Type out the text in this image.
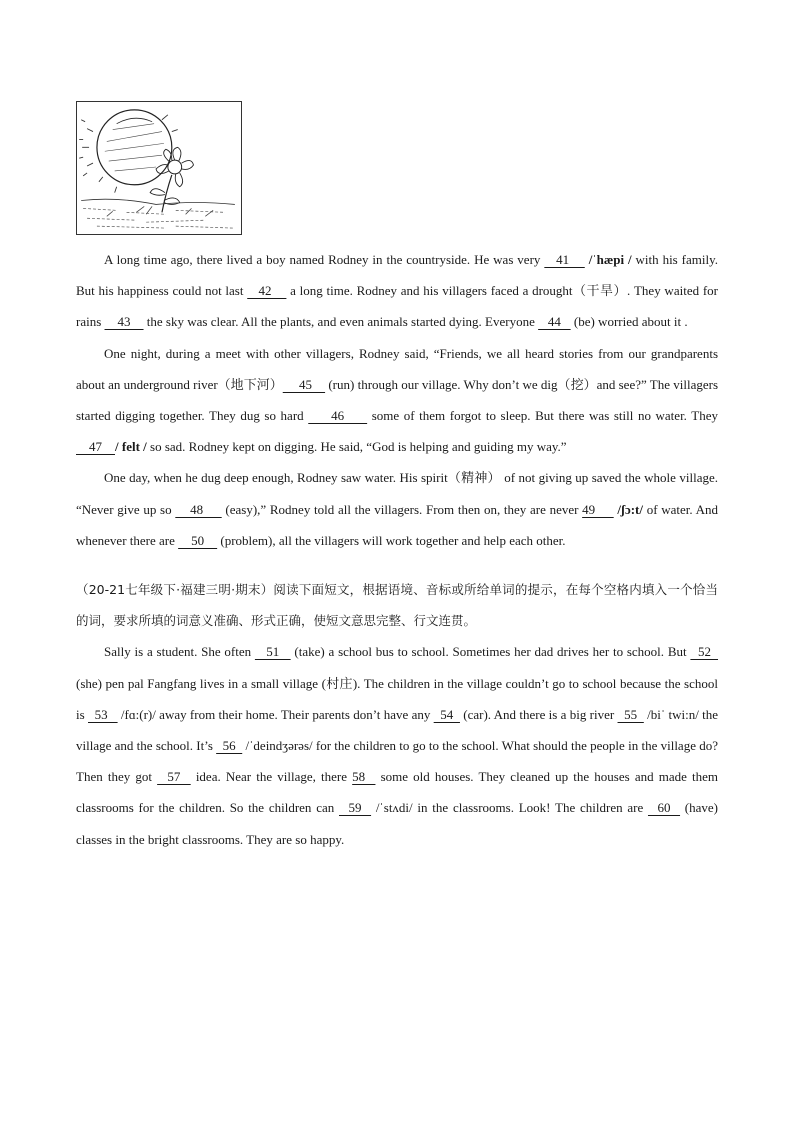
A long time ago, there lived a boy named Rodney in the countryside. He was very    41     /ˈhæpi / with his family. But his happiness could not last    42     a long time. Rodney and his villagers faced a drought（干旱）. They waited for rains     43     the sky was clear. All the plants, and even animals started dying. Everyone    44    (be) worried about it .

One night, during a meet with other villagers, Rodney said, “Friends, we all heard stories from our grandparents about an underground river（地下河）     45     (run) through our village. Why don’t we dig（挖）and see?” The villagers started digging together. They dug so hard      46      some of them forgot to sleep. But there was still no water. They     47    / felt / so sad. Rodney kept on digging. He said, “God is helping and guiding my way.”

One day, when he dug deep enough, Rodney saw water. His spirit（精神） of not giving up saved the whole village. “Never give up so     48      (easy),” Rodney told all the villagers. From then on, they are never 49      /ʃɔ:t/ of water. And whenever there are     50     (problem), all the villagers will work together and help each other.

（20-21七年级下·福建三明·期末）阅读下面短文，根据语境、音标或所给单词的提示，在每个空格内填入一个恰当的词，要求所填的词意义准确、形式正确，使短文意思完整、行文连贯。

Sally is a student. She often    51    (take) a school bus to school. Sometimes her dad drives her to school. But   52   (she) pen pal Fangfang lives in a small village (村庄). The children in the village couldn’t go to school because the school is   53    /fɑ:(r)/ away from their home. Their parents don’t have any   54   (car). And there is a big river   55   /biˈ twi:n/ the village and the school. It’s   56   /ˈdeindʒərəs/ for the children to go to the school. What should the people in the village do? Then they got   57   idea. Near the village, there 58   some old houses. They cleaned up the houses and made them classrooms for the children. So the children can   59   /ˈstʌdi/ in the classrooms. Look! The children are   60   (have) classes in the bright classrooms. They are so happy.
